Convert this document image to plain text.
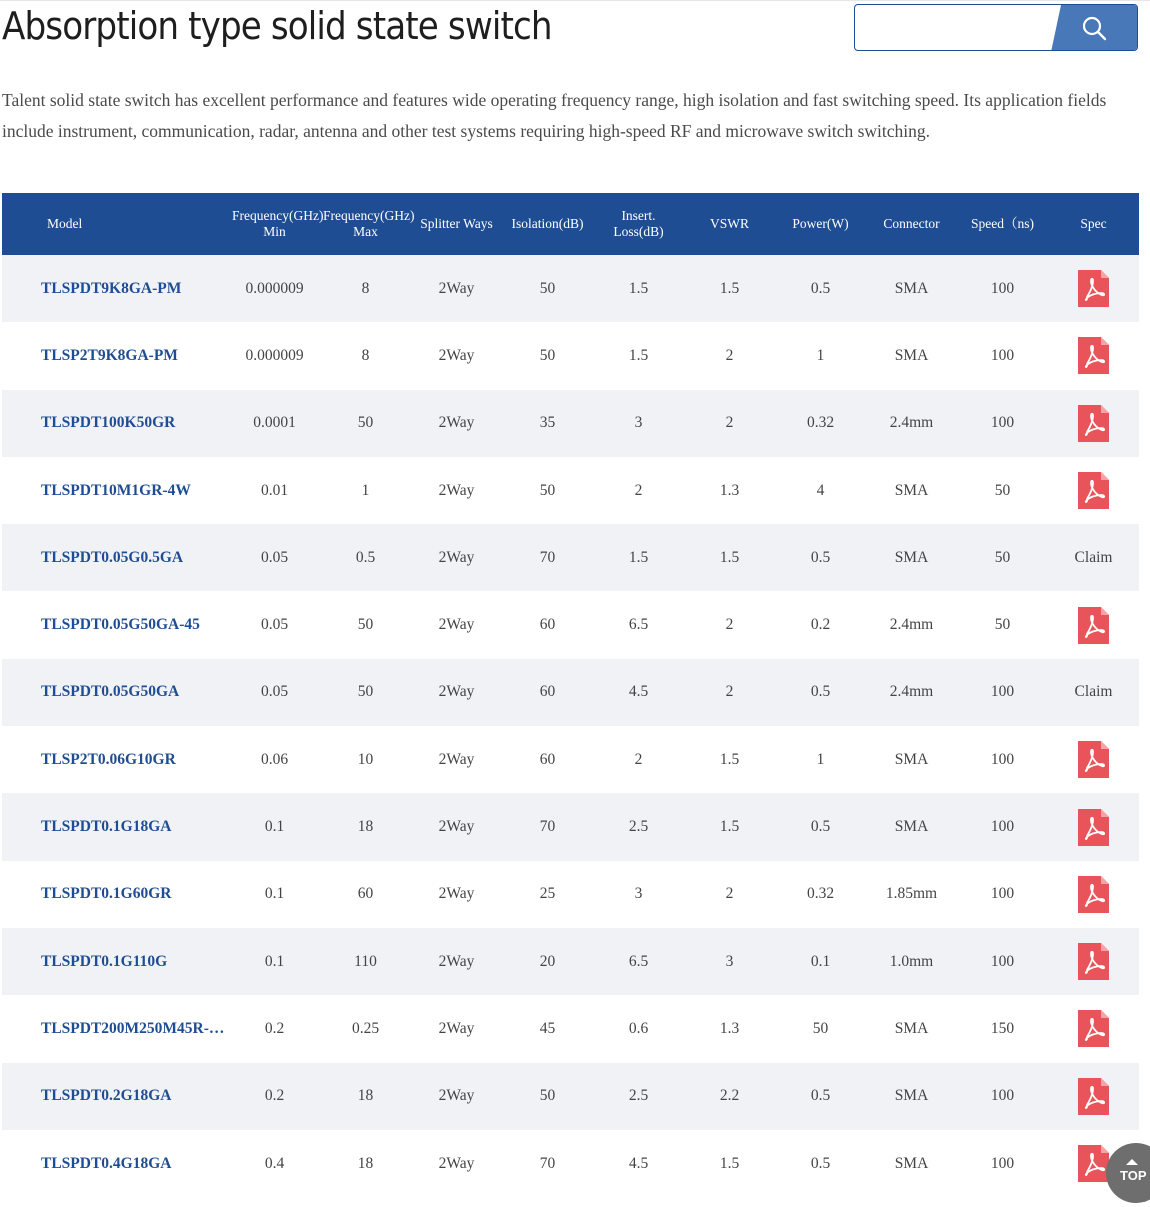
Absorption type solid state switch

Talent solid state switch has excellent performance and features wide operating frequency range, high isolation and fast switching speed. Its application fields include instrument, communication, radar, antenna and other test systems requiring high-speed RF and microwave switch switching.

Model	Frequency(GHz) Min	Frequency(GHz) Max	Splitter Ways	Isolation(dB)	Insert. Loss(dB)	VSWR	Power(W)	Connector	Speed（ns)	Spec
TLSPDT9K8GA-PM	0.000009	8	2Way	50	1.5	1.5	0.5	SMA	100	
TLSP2T9K8GA-PM	0.000009	8	2Way	50	1.5	2	1	SMA	100	
TLSPDT100K50GR	0.0001	50	2Way	35	3	2	0.32	2.4mm	100	
TLSPDT10M1GR-4W	0.01	1	2Way	50	2	1.3	4	SMA	50	
TLSPDT0.05G0.5GA	0.05	0.5	2Way	70	1.5	1.5	0.5	SMA	50	Claim
TLSPDT0.05G50GA-45	0.05	50	2Way	60	6.5	2	0.2	2.4mm	50	
TLSPDT0.05G50GA	0.05	50	2Way	60	4.5	2	0.5	2.4mm	100	Claim
TLSP2T0.06G10GR	0.06	10	2Way	60	2	1.5	1	SMA	100	
TLSPDT0.1G18GA	0.1	18	2Way	70	2.5	1.5	0.5	SMA	100	
TLSPDT0.1G60GR	0.1	60	2Way	25	3	2	0.32	1.85mm	100	
TLSPDT0.1G110G	0.1	110	2Way	20	6.5	3	0.1	1.0mm	100	
TLSPDT200M250M45R-…	0.2	0.25	2Way	45	0.6	1.3	50	SMA	150	
TLSPDT0.2G18GA	0.2	18	2Way	50	2.5	2.2	0.5	SMA	100	
TLSPDT0.4G18GA	0.4	18	2Way	70	4.5	1.5	0.5	SMA	100	
TOP
